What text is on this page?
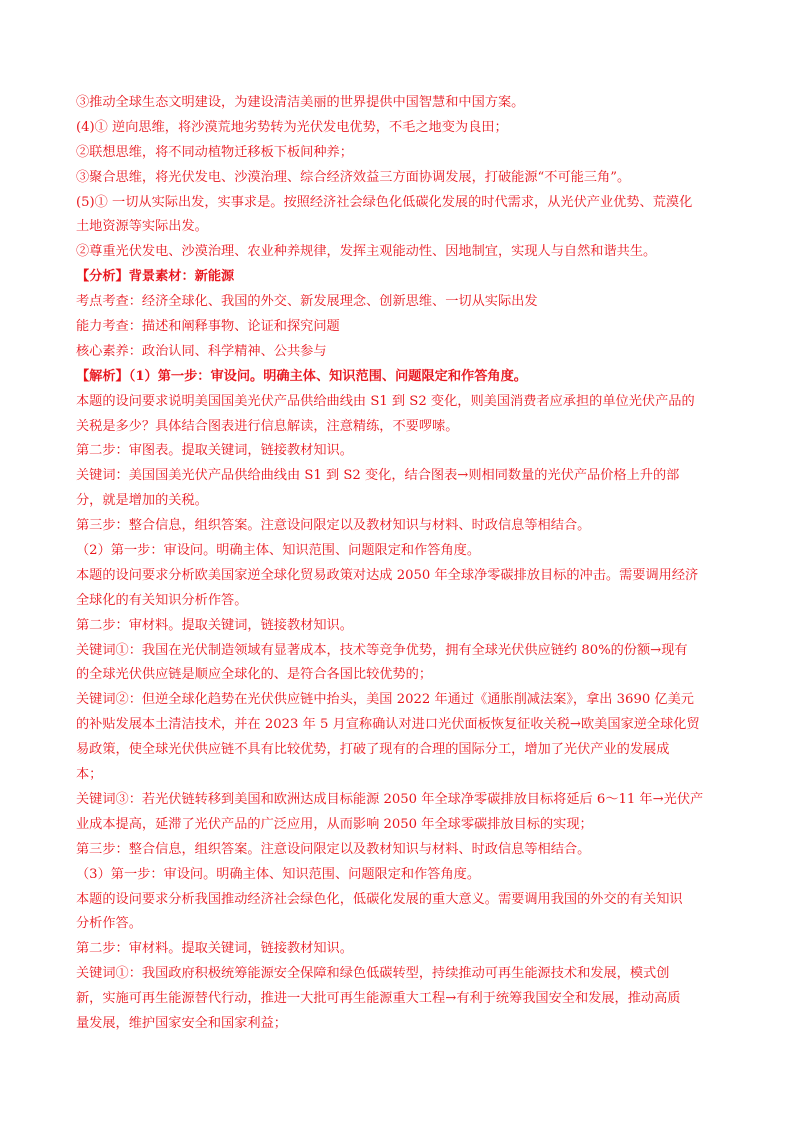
③推动全球生态文明建设，为建设清洁美丽的世界提供中国智慧和中国方案。
(4)① 逆向思维，将沙漠荒地劣势转为光伏发电优势，不毛之地变为良田；
②联想思维，将不同动植物迁移板下板间种养；
③聚合思维，将光伏发电、沙漠治理、综合经济效益三方面协调发展，打破能源“不可能三角”。
(5)① 一切从实际出发，实事求是。按照经济社会绿色化低碳化发展的时代需求，从光伏产业优势、荒漠化
土地资源等实际出发。
②尊重光伏发电、沙漠治理、农业种养规律，发挥主观能动性、因地制宜，实现人与自然和谐共生。
【分析】背景素材：新能源
考点考查：经济全球化、我国的外交、新发展理念、创新思维、一切从实际出发
能力考查：描述和阐释事物、论证和探究问题
核心素养：政治认同、科学精神、公共参与
【解析】（1）第一步：审设问。明确主体、知识范围、问题限定和作答角度。
本题的设问要求说明美国国美光伏产品供给曲线由 S1 到 S2 变化，则美国消费者应承担的单位光伏产品的
关税是多少？具体结合图表进行信息解读，注意精练，不要啰嗦。
第二步：审图表。提取关键词，链接教材知识。
关键词：美国国美光伏产品供给曲线由 S1 到 S2 变化，结合图表→则相同数量的光伏产品价格上升的部
分，就是增加的关税。
第三步：整合信息，组织答案。注意设问限定以及教材知识与材料、时政信息等相结合。
（2）第一步：审设问。明确主体、知识范围、问题限定和作答角度。
本题的设问要求分析欧美国家逆全球化贸易政策对达成 2050 年全球净零碳排放目标的冲击。需要调用经济
全球化的有关知识分析作答。
第二步：审材料。提取关键词，链接教材知识。
关键词①：我国在光伏制造领域有显著成本，技术等竞争优势，拥有全球光伏供应链约 80%的份额→现有
的全球光伏供应链是顺应全球化的、是符合各国比较优势的；
关键词②：但逆全球化趋势在光伏供应链中抬头，美国 2022 年通过《通胀削减法案》，拿出 3690 亿美元
的补贴发展本土清洁技术，并在 2023 年 5 月宣称确认对进口光伏面板恢复征收关税→欧美国家逆全球化贸
易政策，使全球光伏供应链不具有比较优势，打破了现有的合理的国际分工，增加了光伏产业的发展成
本；
关键词③：若光伏链转移到美国和欧洲达成目标能源 2050 年全球净零碳排放目标将延后 6～11 年→光伏产
业成本提高，延滞了光伏产品的广泛应用，从而影响 2050 年全球零碳排放目标的实现；
第三步：整合信息，组织答案。注意设问限定以及教材知识与材料、时政信息等相结合。
（3）第一步：审设问。明确主体、知识范围、问题限定和作答角度。
本题的设问要求分析我国推动经济社会绿色化，低碳化发展的重大意义。需要调用我国的外交的有关知识
分析作答。
第二步：审材料。提取关键词，链接教材知识。
关键词①：我国政府积极统筹能源安全保障和绿色低碳转型，持续推动可再生能源技术和发展，模式创
新，实施可再生能源替代行动，推进一大批可再生能源重大工程→有利于统筹我国安全和发展，推动高质
量发展，维护国家安全和国家利益；
